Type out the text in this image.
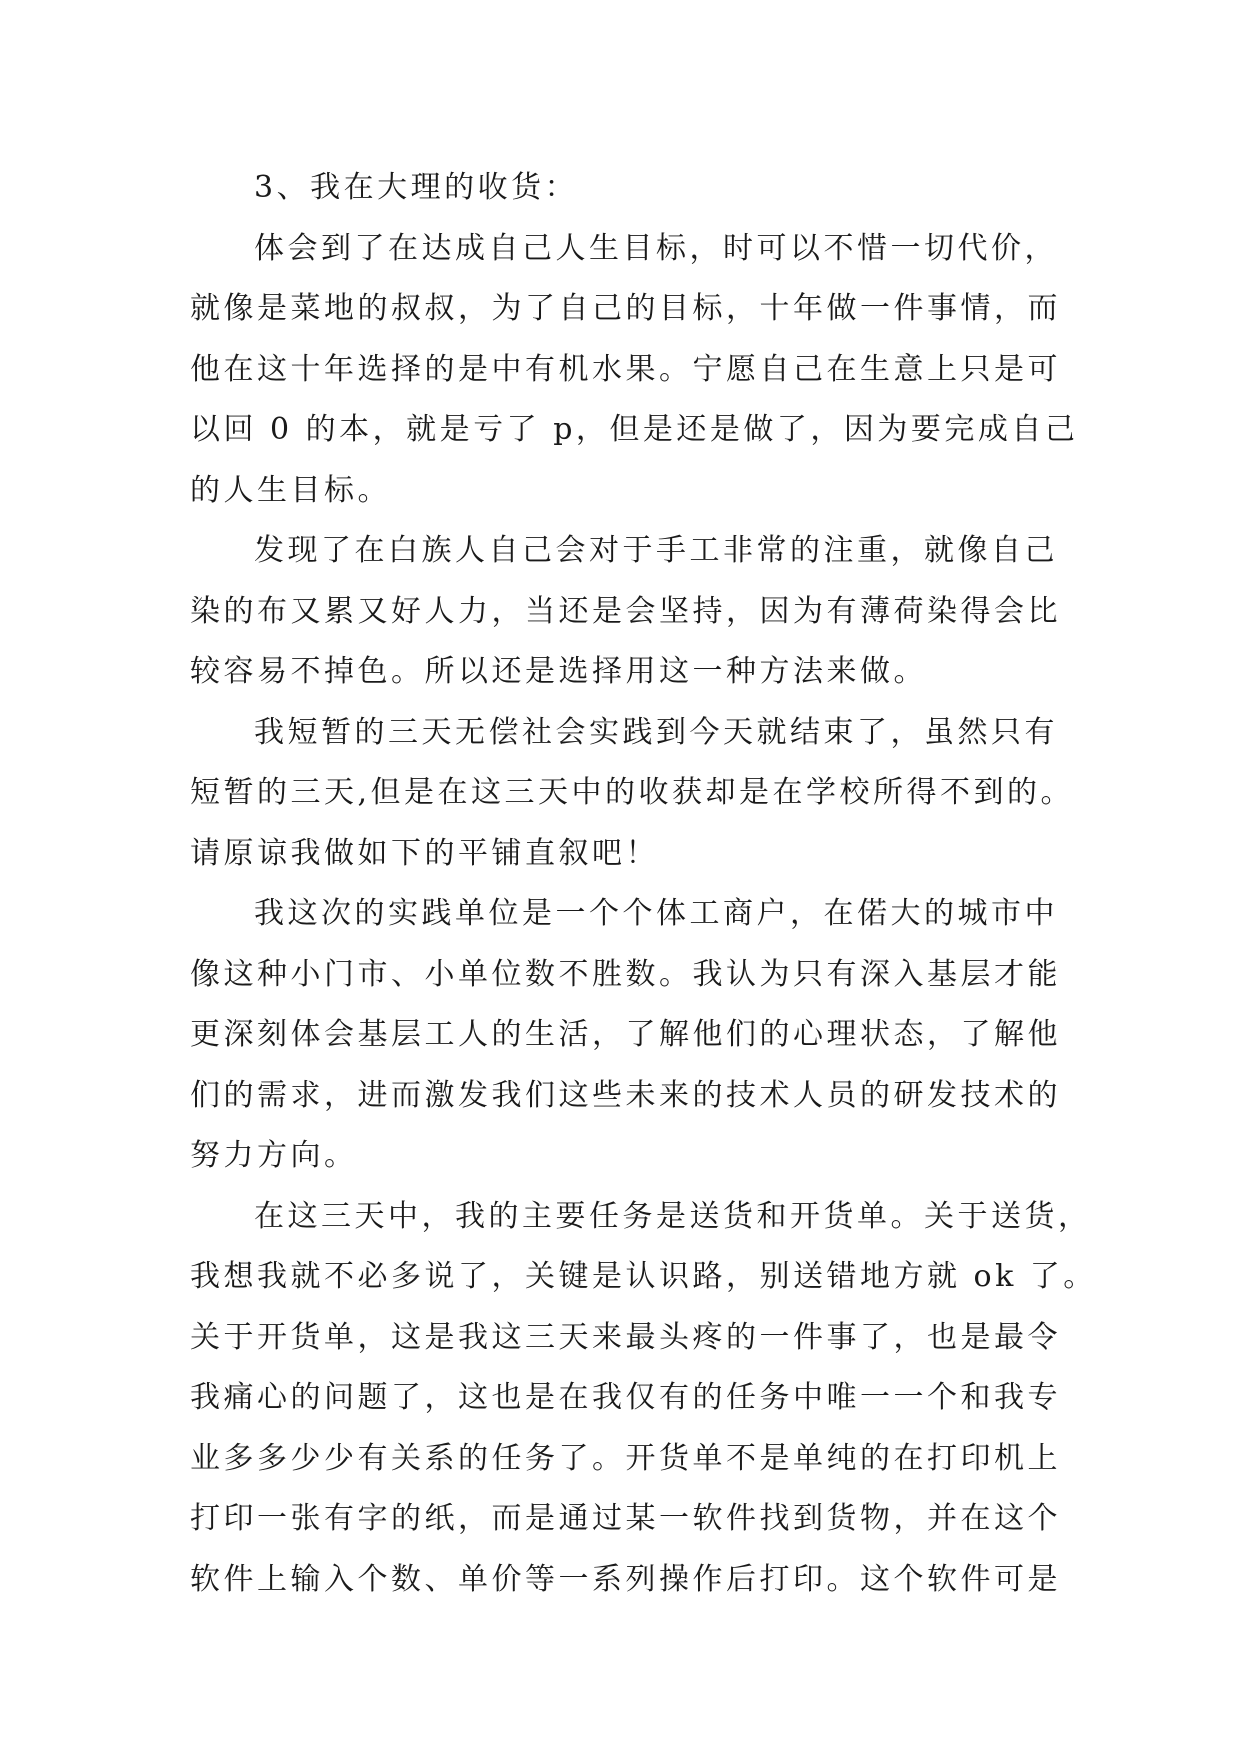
3、我在大理的收货：
体会到了在达成自己人生目标，时可以不惜一切代价，
就像是菜地的叔叔，为了自己的目标，十年做一件事情，而
他在这十年选择的是中有机水果。宁愿自己在生意上只是可
以回 0 的本，就是亏了 p，但是还是做了，因为要完成自己
的人生目标。
发现了在白族人自己会对于手工非常的注重，就像自己
染的布又累又好人力，当还是会坚持，因为有薄荷染得会比
较容易不掉色。所以还是选择用这一种方法来做。
我短暂的三天无偿社会实践到今天就结束了，虽然只有
短暂的三天,但是在这三天中的收获却是在学校所得不到的。
请原谅我做如下的平铺直叙吧！
我这次的实践单位是一个个体工商户，在偌大的城市中
像这种小门市、小单位数不胜数。我认为只有深入基层才能
更深刻体会基层工人的生活，了解他们的心理状态，了解他
们的需求，进而激发我们这些未来的技术人员的研发技术的
努力方向。
在这三天中，我的主要任务是送货和开货单。关于送货，
我想我就不必多说了，关键是认识路，别送错地方就 ok 了。
关于开货单，这是我这三天来最头疼的一件事了，也是最令
我痛心的问题了，这也是在我仅有的任务中唯一一个和我专
业多多少少有关系的任务了。开货单不是单纯的在打印机上
打印一张有字的纸，而是通过某一软件找到货物，并在这个
软件上输入个数、单价等一系列操作后打印。这个软件可是
